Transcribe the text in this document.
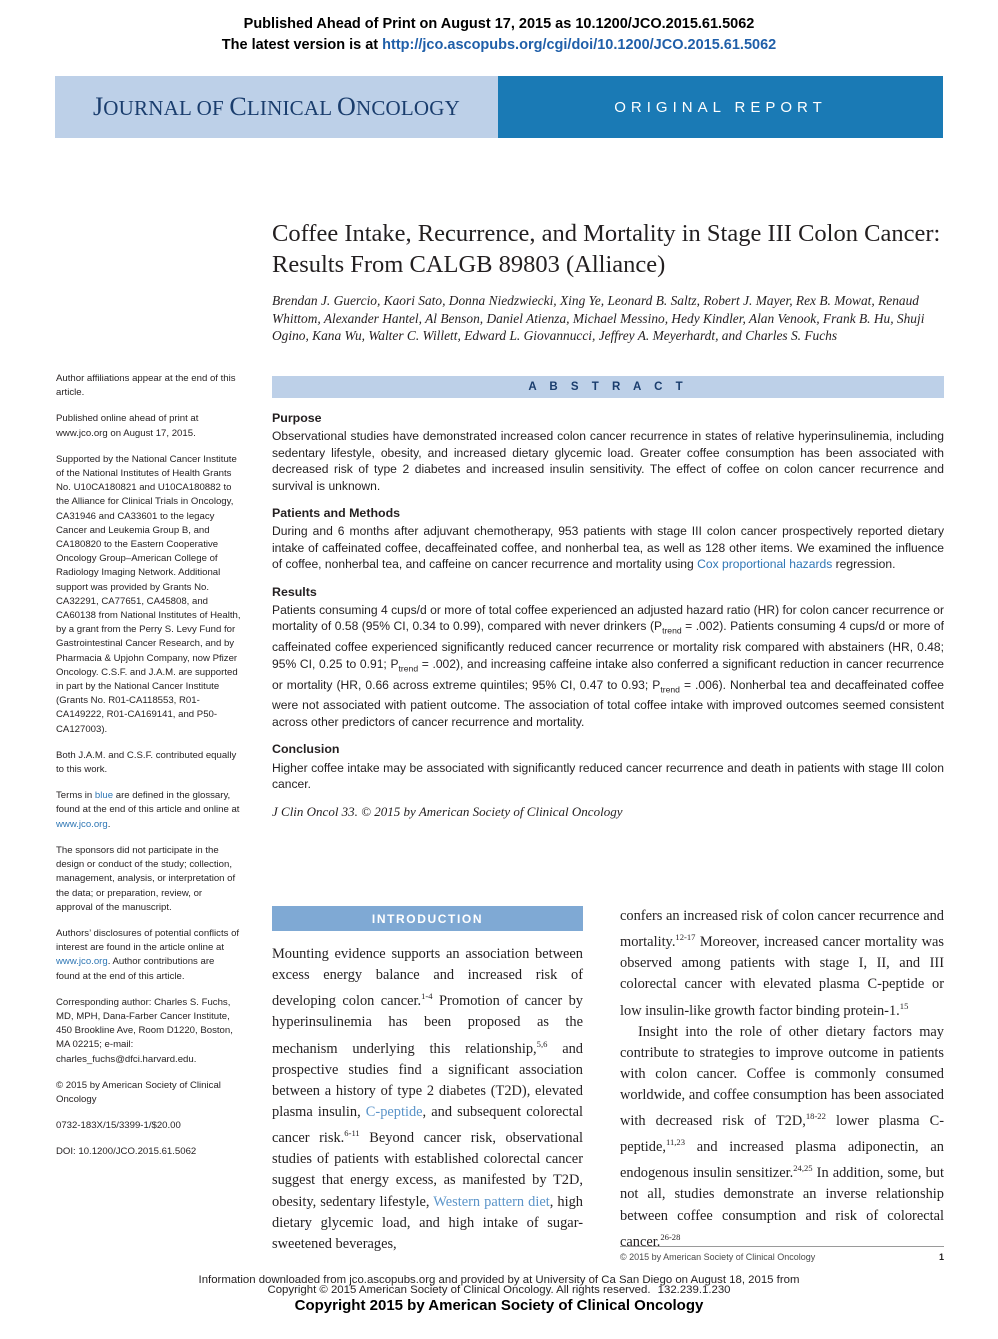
Published Ahead of Print on August 17, 2015 as 10.1200/JCO.2015.61.5062
The latest version is at http://jco.ascopubs.org/cgi/doi/10.1200/JCO.2015.61.5062
JOURNAL OF CLINICAL ONCOLOGY	ORIGINAL REPORT
Coffee Intake, Recurrence, and Mortality in Stage III Colon Cancer: Results From CALGB 89803 (Alliance)
Brendan J. Guercio, Kaori Sato, Donna Niedzwiecki, Xing Ye, Leonard B. Saltz, Robert J. Mayer, Rex B. Mowat, Renaud Whittom, Alexander Hantel, Al Benson, Daniel Atienza, Michael Messino, Hedy Kindler, Alan Venook, Frank B. Hu, Shuji Ogino, Kana Wu, Walter C. Willett, Edward L. Giovannucci, Jeffrey A. Meyerhardt, and Charles S. Fuchs

Author affiliations appear at the end of this article.

Published online ahead of print at www.jco.org on August 17, 2015.

Supported by the National Cancer Institute of the National Institutes of Health Grants No. U10CA180821 and U10CA180882 to the Alliance for Clinical Trials in Oncology, CA31946 and CA33601 to the legacy Cancer and Leukemia Group B, and CA180820 to the Eastern Cooperative Oncology Group–American College of Radiology Imaging Network. Additional support was provided by Grants No. CA32291, CA77651, CA45808, and CA60138 from National Institutes of Health, by a grant from the Perry S. Levy Fund for Gastrointestinal Cancer Research, and by Pharmacia & Upjohn Company, now Pfizer Oncology. C.S.F. and J.A.M. are supported in part by the National Cancer Institute (Grants No. R01-CA118553, R01-CA149222, R01-CA169141, and P50-CA127003).

Both J.A.M. and C.S.F. contributed equally to this work.

Terms in blue are defined in the glossary, found at the end of this article and online at www.jco.org.

The sponsors did not participate in the design or conduct of the study; collection, management, analysis, or interpretation of the data; or preparation, review, or approval of the manuscript.

Authors’ disclosures of potential conflicts of interest are found in the article online at www.jco.org. Author contributions are found at the end of this article.

Corresponding author: Charles S. Fuchs, MD, MPH, Dana-Farber Cancer Institute, 450 Brookline Ave, Room D1220, Boston, MA 02215; e-mail: charles_fuchs@dfci.harvard.edu.

© 2015 by American Society of Clinical Oncology

0732-183X/15/3399-1/$20.00

DOI: 10.1200/JCO.2015.61.5062

A B S T R A C T
Purpose
Observational studies have demonstrated increased colon cancer recurrence in states of relative hyperinsulinemia, including sedentary lifestyle, obesity, and increased dietary glycemic load. Greater coffee consumption has been associated with decreased risk of type 2 diabetes and increased insulin sensitivity. The effect of coffee on colon cancer recurrence and survival is unknown.
Patients and Methods
During and 6 months after adjuvant chemotherapy, 953 patients with stage III colon cancer prospectively reported dietary intake of caffeinated coffee, decaffeinated coffee, and nonherbal tea, as well as 128 other items. We examined the influence of coffee, nonherbal tea, and caffeine on cancer recurrence and mortality using Cox proportional hazards regression.
Results
Patients consuming 4 cups/d or more of total coffee experienced an adjusted hazard ratio (HR) for colon cancer recurrence or mortality of 0.58 (95% CI, 0.34 to 0.99), compared with never drinkers $(P_{trend} = .002)$. Patients consuming 4 cups/d or more of caffeinated coffee experienced significantly reduced cancer recurrence or mortality risk compared with abstainers (HR, 0.48; 95% CI, 0.25 to 0.91; $P_{trend} = .002$), and increasing caffeine intake also conferred a significant reduction in cancer recurrence or mortality (HR, 0.66 across extreme quintiles; 95% CI, 0.47 to 0.93; $P_{trend} = .006$). Nonherbal tea and decaffeinated coffee were not associated with patient outcome. The association of total coffee intake with improved outcomes seemed consistent across other predictors of cancer recurrence and mortality.
Conclusion
Higher coffee intake may be associated with significantly reduced cancer recurrence and death in patients with stage III colon cancer.
J Clin Oncol 33. © 2015 by American Society of Clinical Oncology
INTRODUCTION

Mounting evidence supports an association between excess energy balance and increased risk of developing colon cancer.$^{1-4}$ Promotion of cancer by hyperinsulinemia has been proposed as the mechanism underlying this relationship,$^{5,6}$ and prospective studies find a significant association between a history of type 2 diabetes (T2D), elevated plasma insulin, C-peptide, and subsequent colorectal cancer risk.$^{6-11}$ Beyond cancer risk, observational studies of patients with established colorectal cancer suggest that energy excess, as manifested by T2D, obesity, sedentary lifestyle, Western pattern diet, high dietary glycemic load, and high intake of sugar-sweetened beverages,

confers an increased risk of colon cancer recurrence and mortality.$^{12-17}$ Moreover, increased cancer mortality was observed among patients with stage I, II, and III colorectal cancer with elevated plasma C-peptide or low insulin-like growth factor binding protein-1.15

Insight into the role of other dietary factors may contribute to strategies to improve outcome in patients with colon cancer. Coffee is commonly consumed worldwide, and coffee consumption has been associated with decreased risk of T2D,$^{18-22}$ lower plasma C-peptide,$^{11,23}$ and increased plasma adiponectin, an endogenous insulin sensitizer.$^{24,25}$ In addition, some, but not all, studies demonstrate an inverse relationship between coffee consumption and risk of colorectal cancer.$^{26-28}$

© 2015 by American Society of Clinical Oncology	1
Information downloaded from jco.ascopubs.org and provided by at University of Ca San Diego on August 18, 2015 from
Copyright © 2015 American Society of Clinical Oncology. All rights reserved. 132.239.1.230
Copyright 2015 by American Society of Clinical Oncology
